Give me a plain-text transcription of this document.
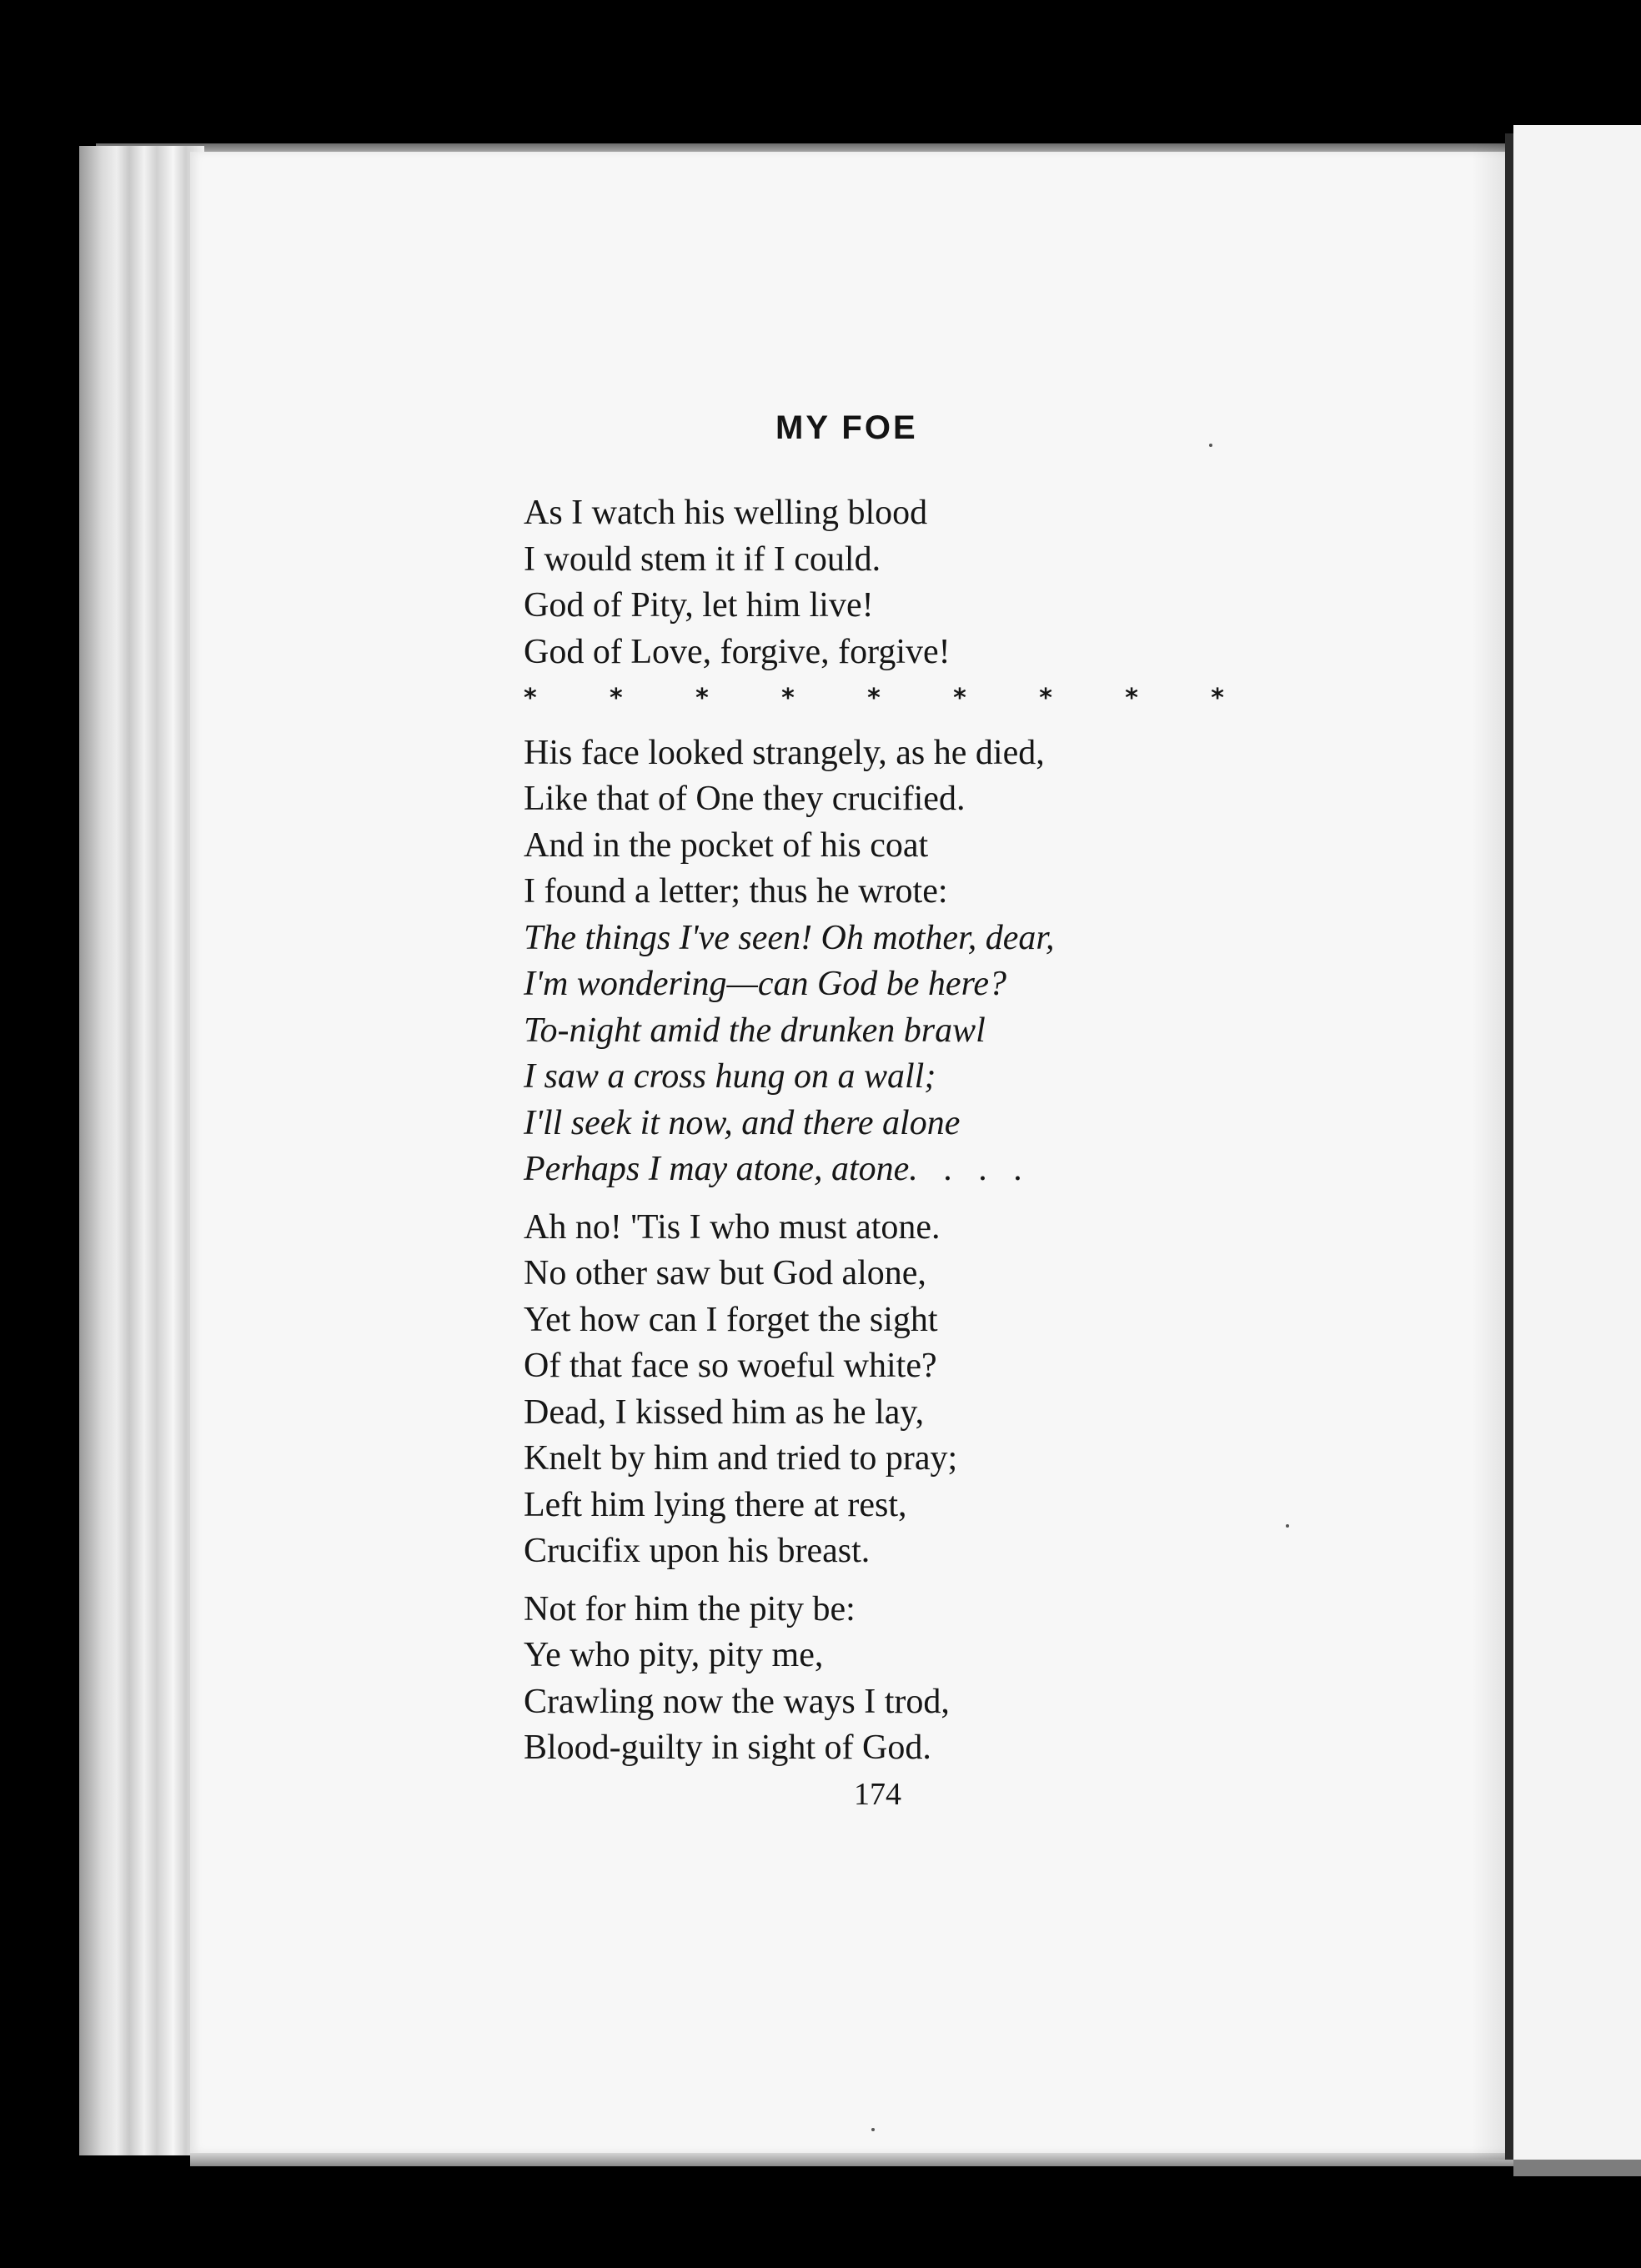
MY FOE
As I watch his welling blood
I would stem it if I could.
God of Pity, let him live!
God of Love, forgive, forgive!
*	*	*	*	*	*	*	*	*
His face looked strangely, as he died,
Like that of One they crucified.
And in the pocket of his coat
I found a letter; thus he wrote:
The things I've seen! Oh mother, dear,
I'm wondering—can God be here?
To-night amid the drunken brawl
I saw a cross hung on a wall;
I'll seek it now, and there alone
Perhaps I may atone, atone.   .   .   .
Ah no! 'Tis I who must atone.
No other saw but God alone,
Yet how can I forget the sight
Of that face so woeful white?
Dead, I kissed him as he lay,
Knelt by him and tried to pray;
Left him lying there at rest,
Crucifix upon his breast.
Not for him the pity be:
Ye who pity, pity me,
Crawling now the ways I trod,
Blood-guilty in sight of God.
174
